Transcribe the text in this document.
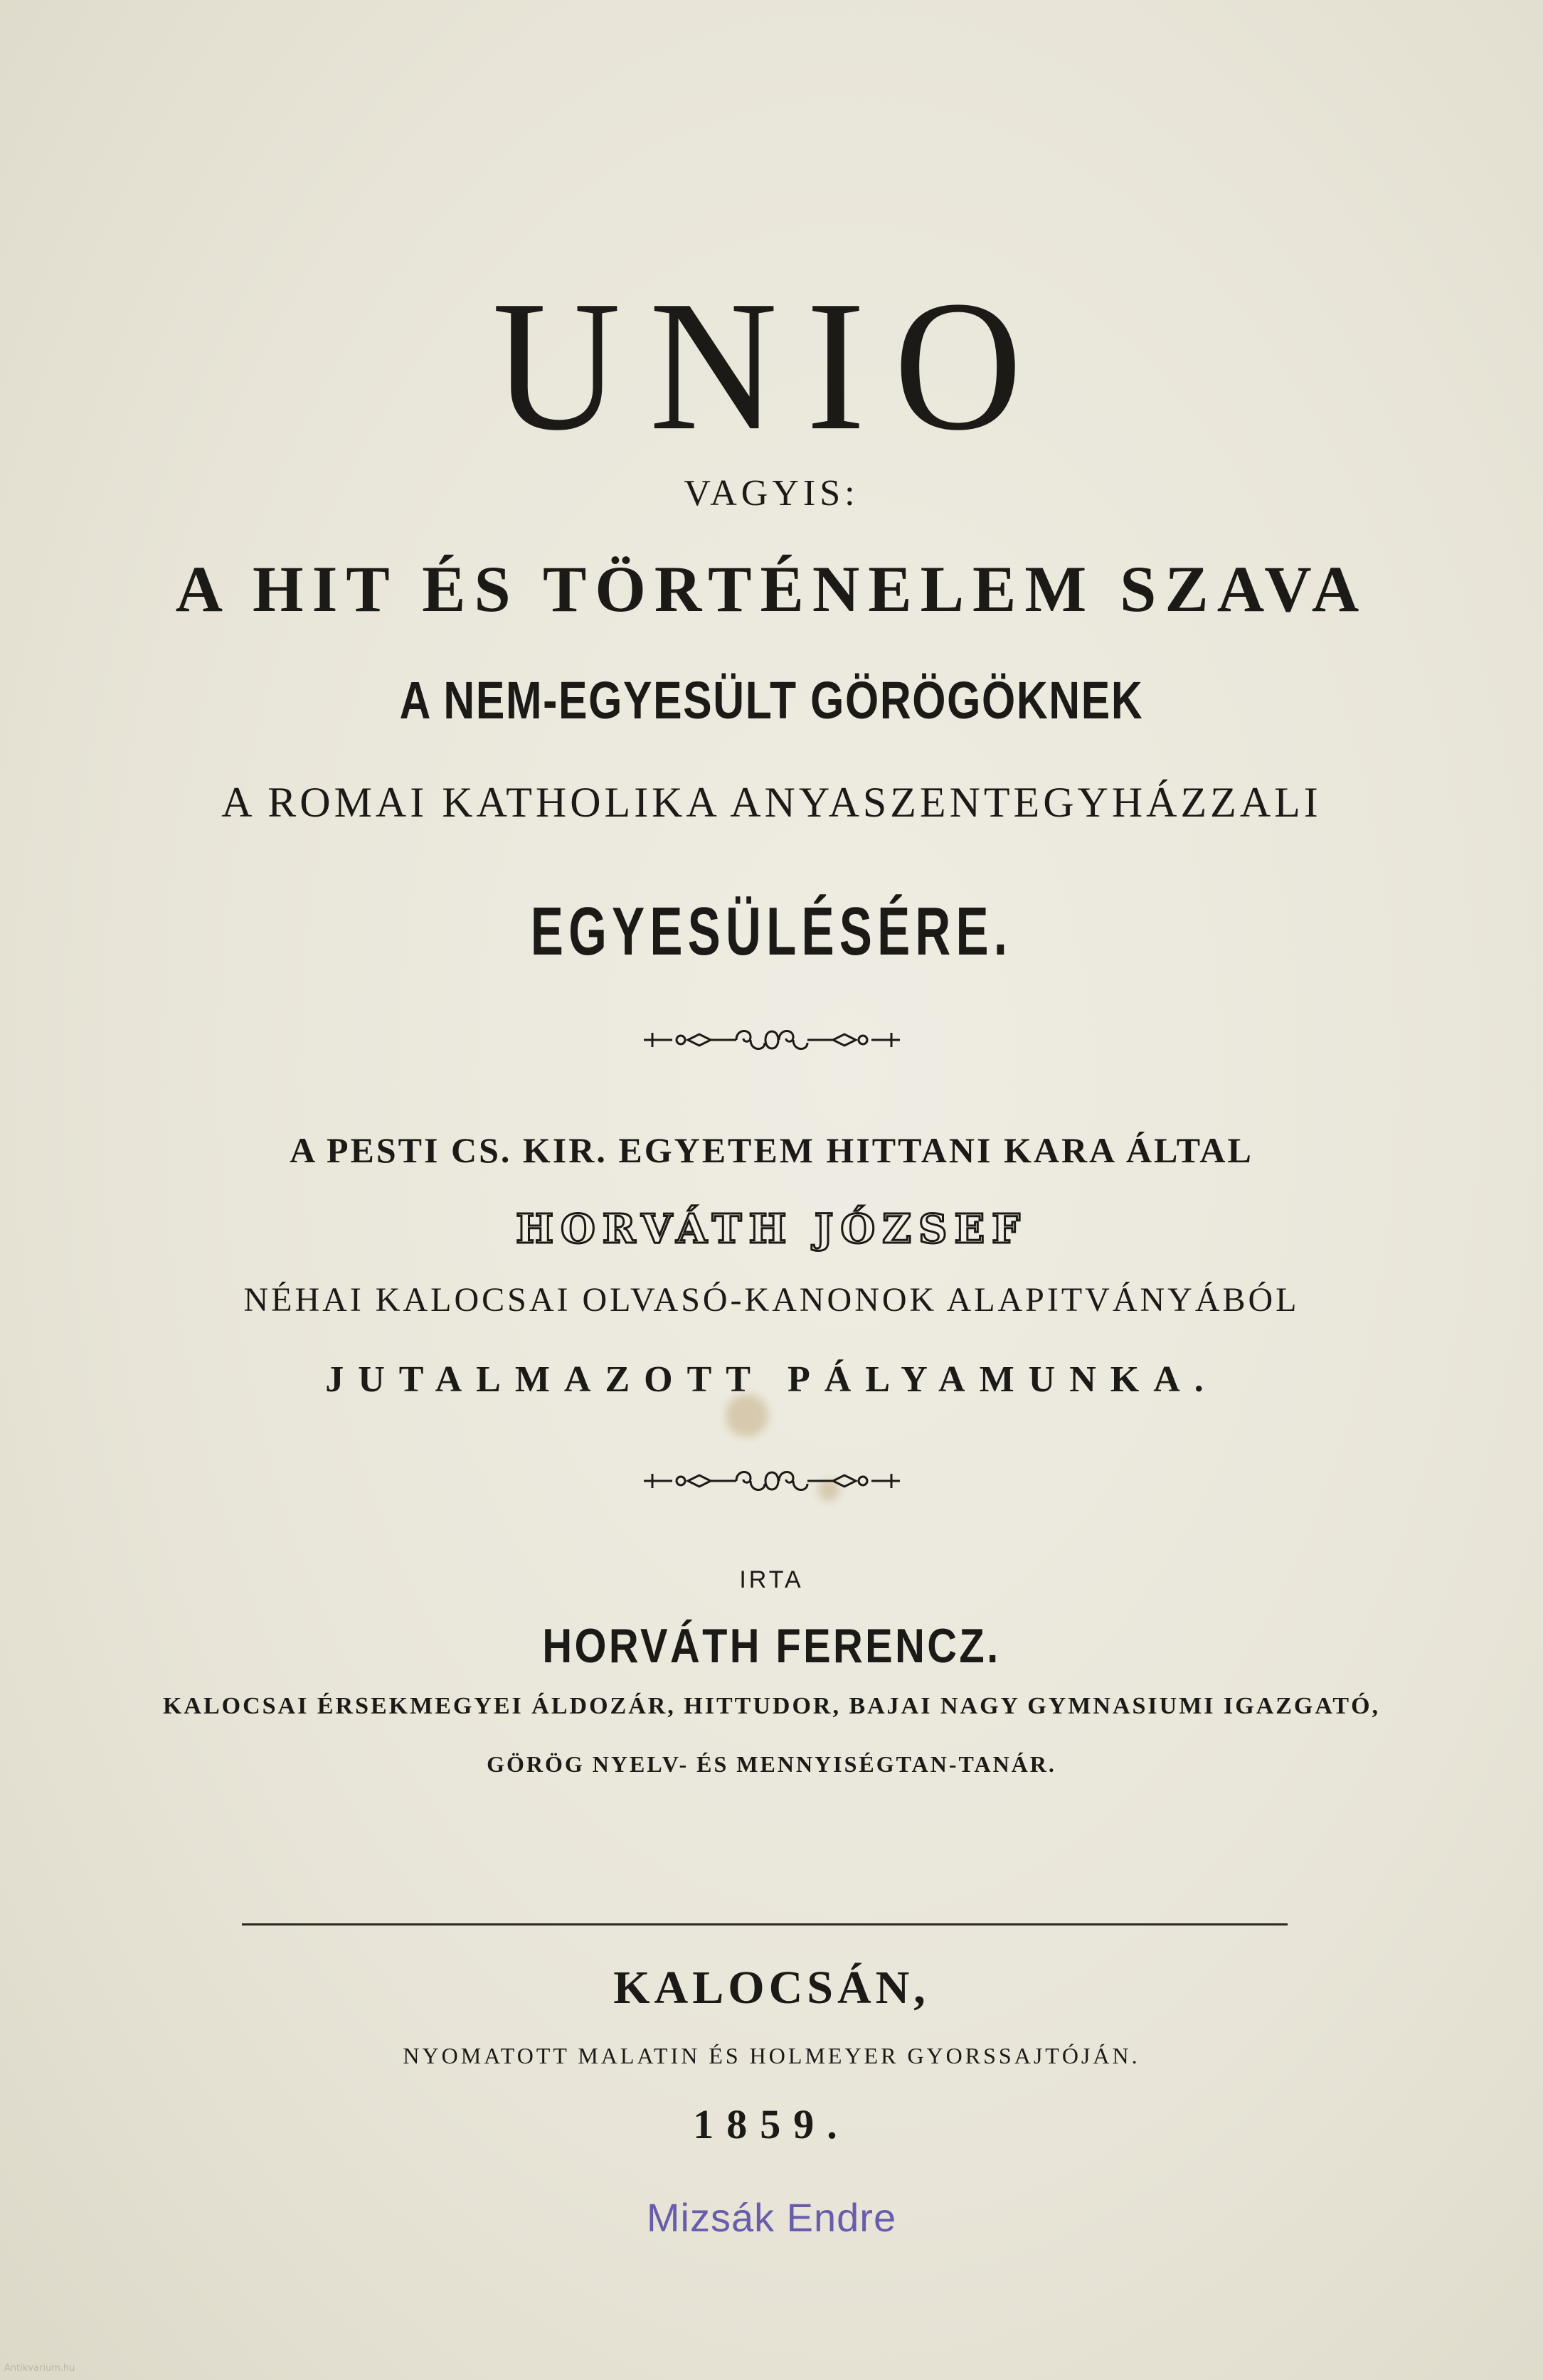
UNIO
VAGYIS:
A HIT ÉS TÖRTÉNELEM SZAVA
A NEM-EGYESÜLT GÖRÖGÖKNEK
A ROMAI KATHOLIKA ANYASZENTEGYHÁZZALI
EGYESÜLÉSÉRE.
A PESTI CS. KIR. EGYETEM HITTANI KARA ÁLTAL
HORVÁTH JÓZSEF
NÉHAI KALOCSAI OLVASÓ-KANONOK ALAPITVÁNYÁBÓL
JUTALMAZOTT PÁLYAMUNKA.
IRTA
HORVÁTH FERENCZ.
KALOCSAI ÉRSEKMEGYEI ÁLDOZÁR, HITTUDOR, BAJAI NAGY GYMNASIUMI IGAZGATÓ,
GÖRÖG NYELV- ÉS MENNYISÉGTAN-TANÁR.
KALOCSÁN,
NYOMATOTT MALATIN ÉS HOLMEYER GYORSSAJTÓJÁN.
1859.
Mizsák Endre
Antikvarium.hu
